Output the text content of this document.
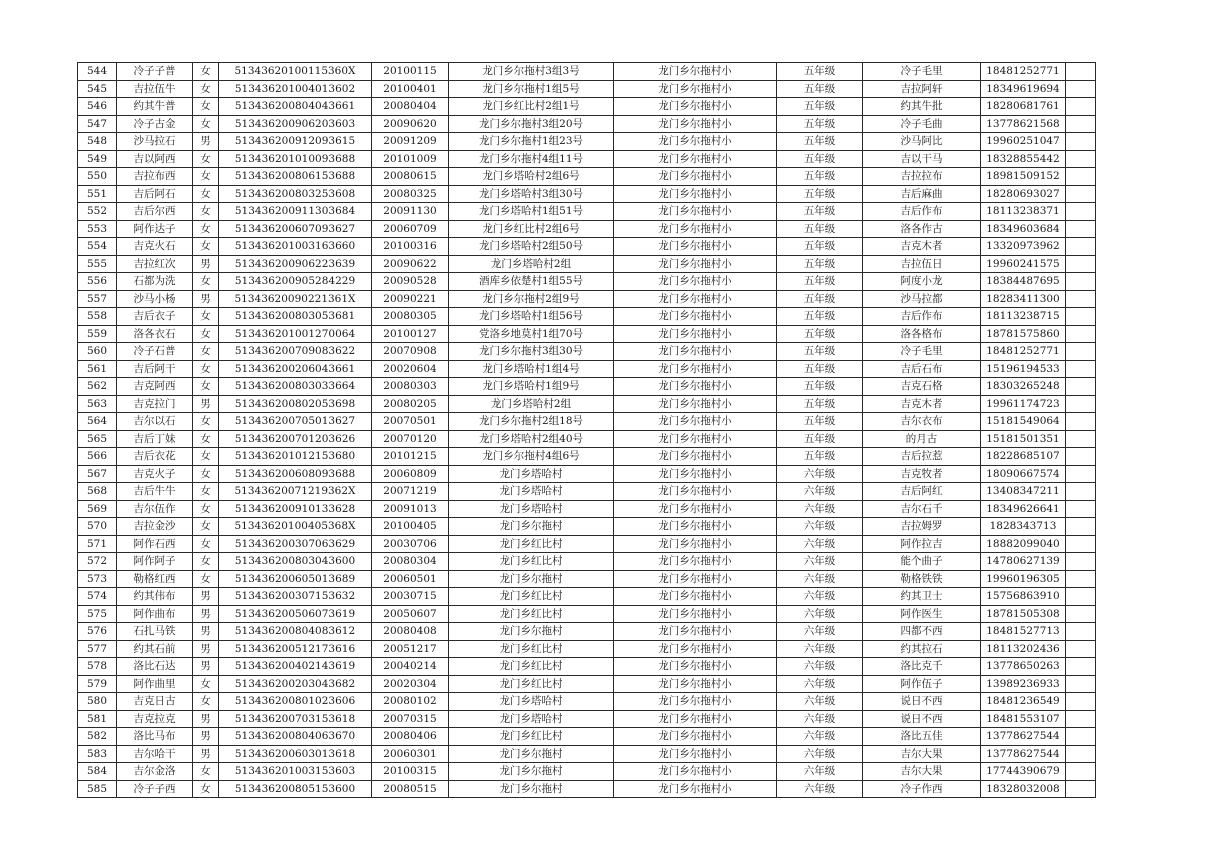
544	冷子子普	女	51343620100115360X	20100115	龙门乡尔拖村3组3号	龙门乡尔拖村小	五年级	冷子毛里	18481252771	
545	吉拉伍牛	女	513436201004013602	20100401	龙门乡尔拖村1组5号	龙门乡尔拖村小	五年级	吉拉阿轩	18349619694	
546	约其牛普	女	513436200804043661	20080404	龙门乡红比村2组1号	龙门乡尔拖村小	五年级	约其牛批	18280681761	
547	冷子古金	女	513436200906203603	20090620	龙门乡尔拖村3组20号	龙门乡尔拖村小	五年级	冷子毛曲	13778621568	
548	沙马拉石	男	513436200912093615	20091209	龙门乡尔拖村1组23号	龙门乡尔拖村小	五年级	沙马阿比	19960251047	
549	吉以阿西	女	513436201010093688	20101009	龙门乡尔拖村4组11号	龙门乡尔拖村小	五年级	吉以干马	18328855442	
550	吉拉布西	女	513436200806153688	20080615	龙门乡塔哈村2组6号	龙门乡尔拖村小	五年级	吉拉拉布	18981509152	
551	吉后阿石	女	513436200803253608	20080325	龙门乡塔哈村3组30号	龙门乡尔拖村小	五年级	吉后麻曲	18280693027	
552	吉后尔西	女	513436200911303684	20091130	龙门乡塔哈村1组51号	龙门乡尔拖村小	五年级	吉后作布	18113238371	
553	阿作达子	女	513436200607093627	20060709	龙门乡红比村2组6号	龙门乡尔拖村小	五年级	洛各作古	18349603684	
554	吉克火石	女	513436201003163660	20100316	龙门乡塔哈村2组50号	龙门乡尔拖村小	五年级	吉克木者	13320973962	
555	吉拉红次	男	513436200906223639	20090622	龙门乡塔哈村2组	龙门乡尔拖村小	五年级	吉拉伍日	19960241575	
556	石都为洗	女	513436200905284229	20090528	酒库乡依楚村1组55号	龙门乡尔拖村小	五年级	阿度小龙	18384487695	
557	沙马小杨	男	51343620090221361X	20090221	龙门乡尔拖村2组9号	龙门乡尔拖村小	五年级	沙马拉都	18283411300	
558	吉后衣子	女	513436200803053681	20080305	龙门乡塔哈村1组56号	龙门乡尔拖村小	五年级	吉后作布	18113238715	
559	洛各衣石	女	513436201001270064	20100127	党洛乡地莫村1组70号	龙门乡尔拖村小	五年级	洛各格布	18781575860	
560	冷子石普	女	513436200709083622	20070908	龙门乡尔拖村3组30号	龙门乡尔拖村小	五年级	冷子毛里	18481252771	
561	吉后阿干	女	513436200206043661	20020604	龙门乡塔哈村1组4号	龙门乡尔拖村小	五年级	吉后石布	15196194533	
562	吉克阿西	女	513436200803033664	20080303	龙门乡塔哈村1组9号	龙门乡尔拖村小	五年级	吉克石格	18303265248	
563	吉克拉门	男	513436200802053698	20080205	龙门乡塔哈村2组	龙门乡尔拖村小	五年级	吉克木者	19961174723	
564	吉尔以石	女	513436200705013627	20070501	龙门乡尔拖村2组18号	龙门乡尔拖村小	五年级	吉尔衣布	15181549064	
565	吉后丁妹	女	513436200701203626	20070120	龙门乡塔哈村2组40号	龙门乡尔拖村小	五年级	的月古	15181501351	
566	吉后衣花	女	513436201012153680	20101215	龙门乡尔拖村4组6号	龙门乡尔拖村小	五年级	吉后拉惹	18228685107	
567	吉克火子	女	513436200608093688	20060809	龙门乡塔哈村	龙门乡尔拖村小	六年级	吉克牧者	18090667574	
568	吉后牛牛	女	51343620071219362X	20071219	龙门乡塔哈村	龙门乡尔拖村小	六年级	吉后阿红	13408347211	
569	吉尔伍作	女	513436200910133628	20091013	龙门乡塔哈村	龙门乡尔拖村小	六年级	吉尔石千	18349626641	
570	吉拉金沙	女	51343620100405368X	20100405	龙门乡尔拖村	龙门乡尔拖村小	六年级	吉拉姆罗	1828343713	
571	阿作石西	女	513436200307063629	20030706	龙门乡红比村	龙门乡尔拖村小	六年级	阿作拉吉	18882099040	
572	阿作阿子	女	513436200803043600	20080304	龙门乡红比村	龙门乡尔拖村小	六年级	能个曲子	14780627139	
573	勒格红西	女	513436200605013689	20060501	龙门乡尔拖村	龙门乡尔拖村小	六年级	勒格铁铁	19960196305	
574	约其伟布	男	513436200307153632	20030715	龙门乡红比村	龙门乡尔拖村小	六年级	约其卫士	15756863910	
575	阿作曲布	男	513436200506073619	20050607	龙门乡红比村	龙门乡尔拖村小	六年级	阿作医生	18781505308	
576	石扎马铁	男	513436200804083612	20080408	龙门乡尔拖村	龙门乡尔拖村小	六年级	四都不西	18481527713	
577	约其石前	男	513436200512173616	20051217	龙门乡红比村	龙门乡尔拖村小	六年级	约其拉石	18113202436	
578	洛比石达	男	513436200402143619	20040214	龙门乡红比村	龙门乡尔拖村小	六年级	洛比克千	13778650263	
579	阿作曲里	女	513436200203043682	20020304	龙门乡红比村	龙门乡尔拖村小	六年级	阿作伍子	13989236933	
580	吉克日古	女	513436200801023606	20080102	龙门乡塔哈村	龙门乡尔拖村小	六年级	说日不西	18481236549	
581	吉克拉克	男	513436200703153618	20070315	龙门乡塔哈村	龙门乡尔拖村小	六年级	说日不西	18481553107	
582	洛比马布	男	513436200804063670	20080406	龙门乡红比村	龙门乡尔拖村小	六年级	洛比五佳	13778627544	
583	吉尔哈干	男	513436200603013618	20060301	龙门乡尔拖村	龙门乡尔拖村小	六年级	吉尔大果	13778627544	
584	吉尔金洛	女	513436201003153603	20100315	龙门乡尔拖村	龙门乡尔拖村小	六年级	吉尔大果	17744390679	
585	冷子子西	女	513436200805153600	20080515	龙门乡尔拖村	龙门乡尔拖村小	六年级	冷子作西	18328032008	
